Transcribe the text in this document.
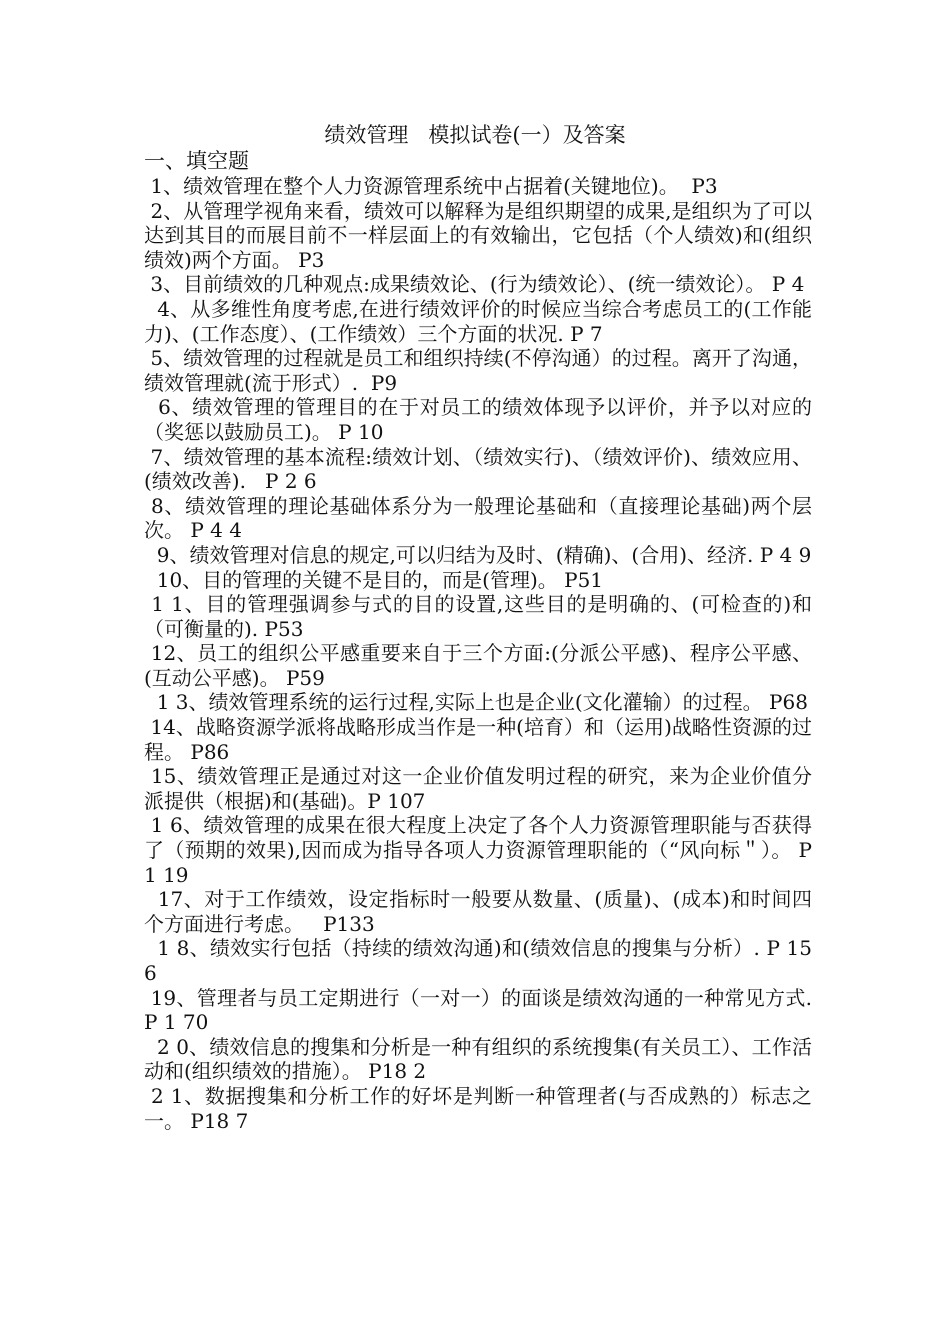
绩效管理   模拟试卷(一）及答案
一、填空题
1、绩效管理在整个人力资源管理系统中占据着(关键地位)。  P3
2、从管理学视角来看，绩效可以解释为是组织期望的成果,是组织为了可以达到其目的而展目前不一样层面上的有效输出，它包括（个人绩效)和(组织绩效)两个方面。 P3
3、目前绩效的几种观点:成果绩效论、(行为绩效论）、(统一绩效论）。 P 4
4、从多维性角度考虑,在进行绩效评价的时候应当综合考虑员工的(工作能力)、(工作态度）、(工作绩效）三个方面的状况. P 7
5、绩效管理的过程就是员工和组织持续(不停沟通）的过程。离开了沟通，绩效管理就(流于形式）.  P9
6、绩效管理的管理目的在于对员工的绩效体现予以评价，并予以对应的（奖惩以鼓励员工)。 P 10
7、绩效管理的基本流程:绩效计划、（绩效实行)、（绩效评价)、绩效应用、(绩效改善).   P 2 6
8、绩效管理的理论基础体系分为一般理论基础和（直接理论基础)两个层次。 P 4 4
9、绩效管理对信息的规定,可以归结为及时、(精确)、(合用)、经济. P 4 9
10、目的管理的关键不是目的，而是(管理)。 P51
1 1、目的管理强调参与式的目的设置,这些目的是明确的、(可检查的)和（可衡量的). P53
12、员工的组织公平感重要来自于三个方面:(分派公平感)、程序公平感、(互动公平感)。 P59
1 3、绩效管理系统的运行过程,实际上也是企业(文化灌输）的过程。 P68
14、战略资源学派将战略形成当作是一种(培育）和（运用)战略性资源的过程。 P86
15、绩效管理正是通过对这一企业价值发明过程的研究，来为企业价值分派提供（根据)和(基础)。P 107
1 6、绩效管理的成果在很大程度上决定了各个人力资源管理职能与否获得了（预期的效果),因而成为指导各项人力资源管理职能的（“风向标＂）。 P 1 19
17、对于工作绩效，设定指标时一般要从数量、(质量)、(成本)和时间四个方面进行考虑。   P133
1 8、绩效实行包括（持续的绩效沟通)和(绩效信息的搜集与分析）. P 156
19、管理者与员工定期进行（一对一）的面谈是绩效沟通的一种常见方式. P 1 70
2 0、绩效信息的搜集和分析是一种有组织的系统搜集(有关员工）、工作活动和(组织绩效的措施）。 P18 2
2 1、数据搜集和分析工作的好坏是判断一种管理者(与否成熟的）标志之一。 P18 7
